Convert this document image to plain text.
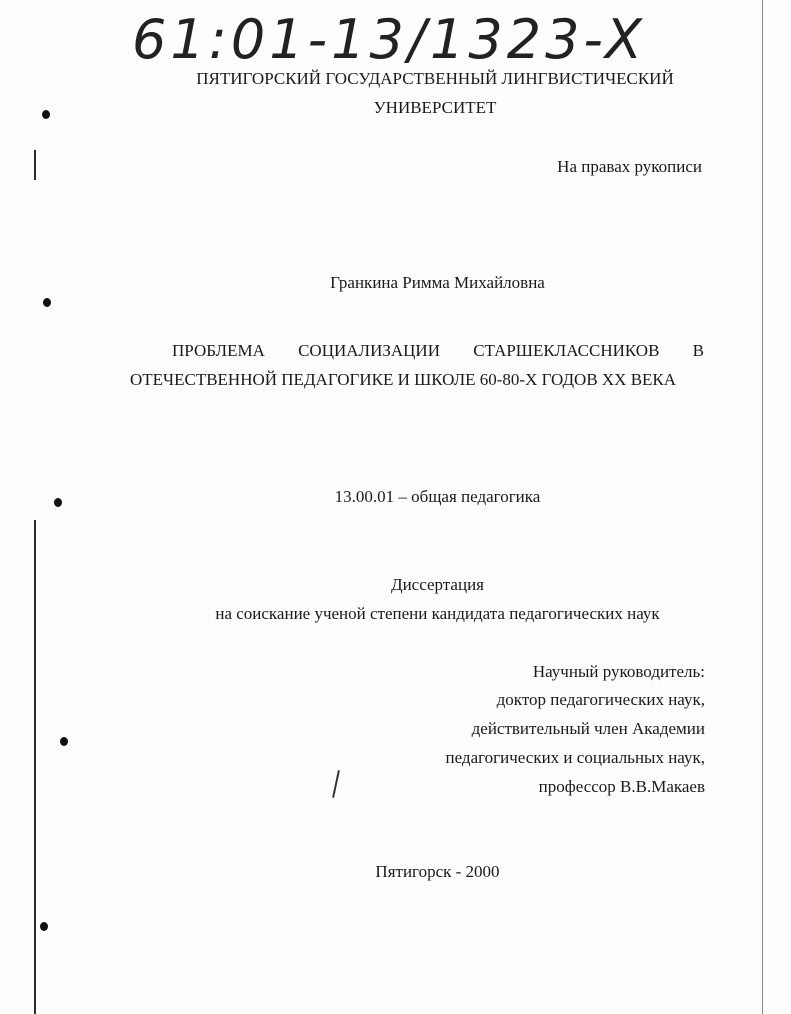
61:01-13/1323-X
ПЯТИГОРСКИЙ ГОСУДАРСТВЕННЫЙ ЛИНГВИСТИЧЕСКИЙ
УНИВЕРСИТЕТ
На правах рукописи
Гранкина Римма Михайловна
ПРОБЛЕМА СОЦИАЛИЗАЦИИ СТАРШЕКЛАССНИКОВ В
ОТЕЧЕСТВЕННОЙ ПЕДАГОГИКЕ И ШКОЛЕ 60-80-Х ГОДОВ XX ВЕКА
13.00.01 – общая педагогика
Диссертация
на соискание ученой степени кандидата педагогических наук
Научный руководитель:
доктор педагогических наук,
действительный член Академии
педагогических и социальных наук,
профессор В.В.Макаев
Пятигорск - 2000
